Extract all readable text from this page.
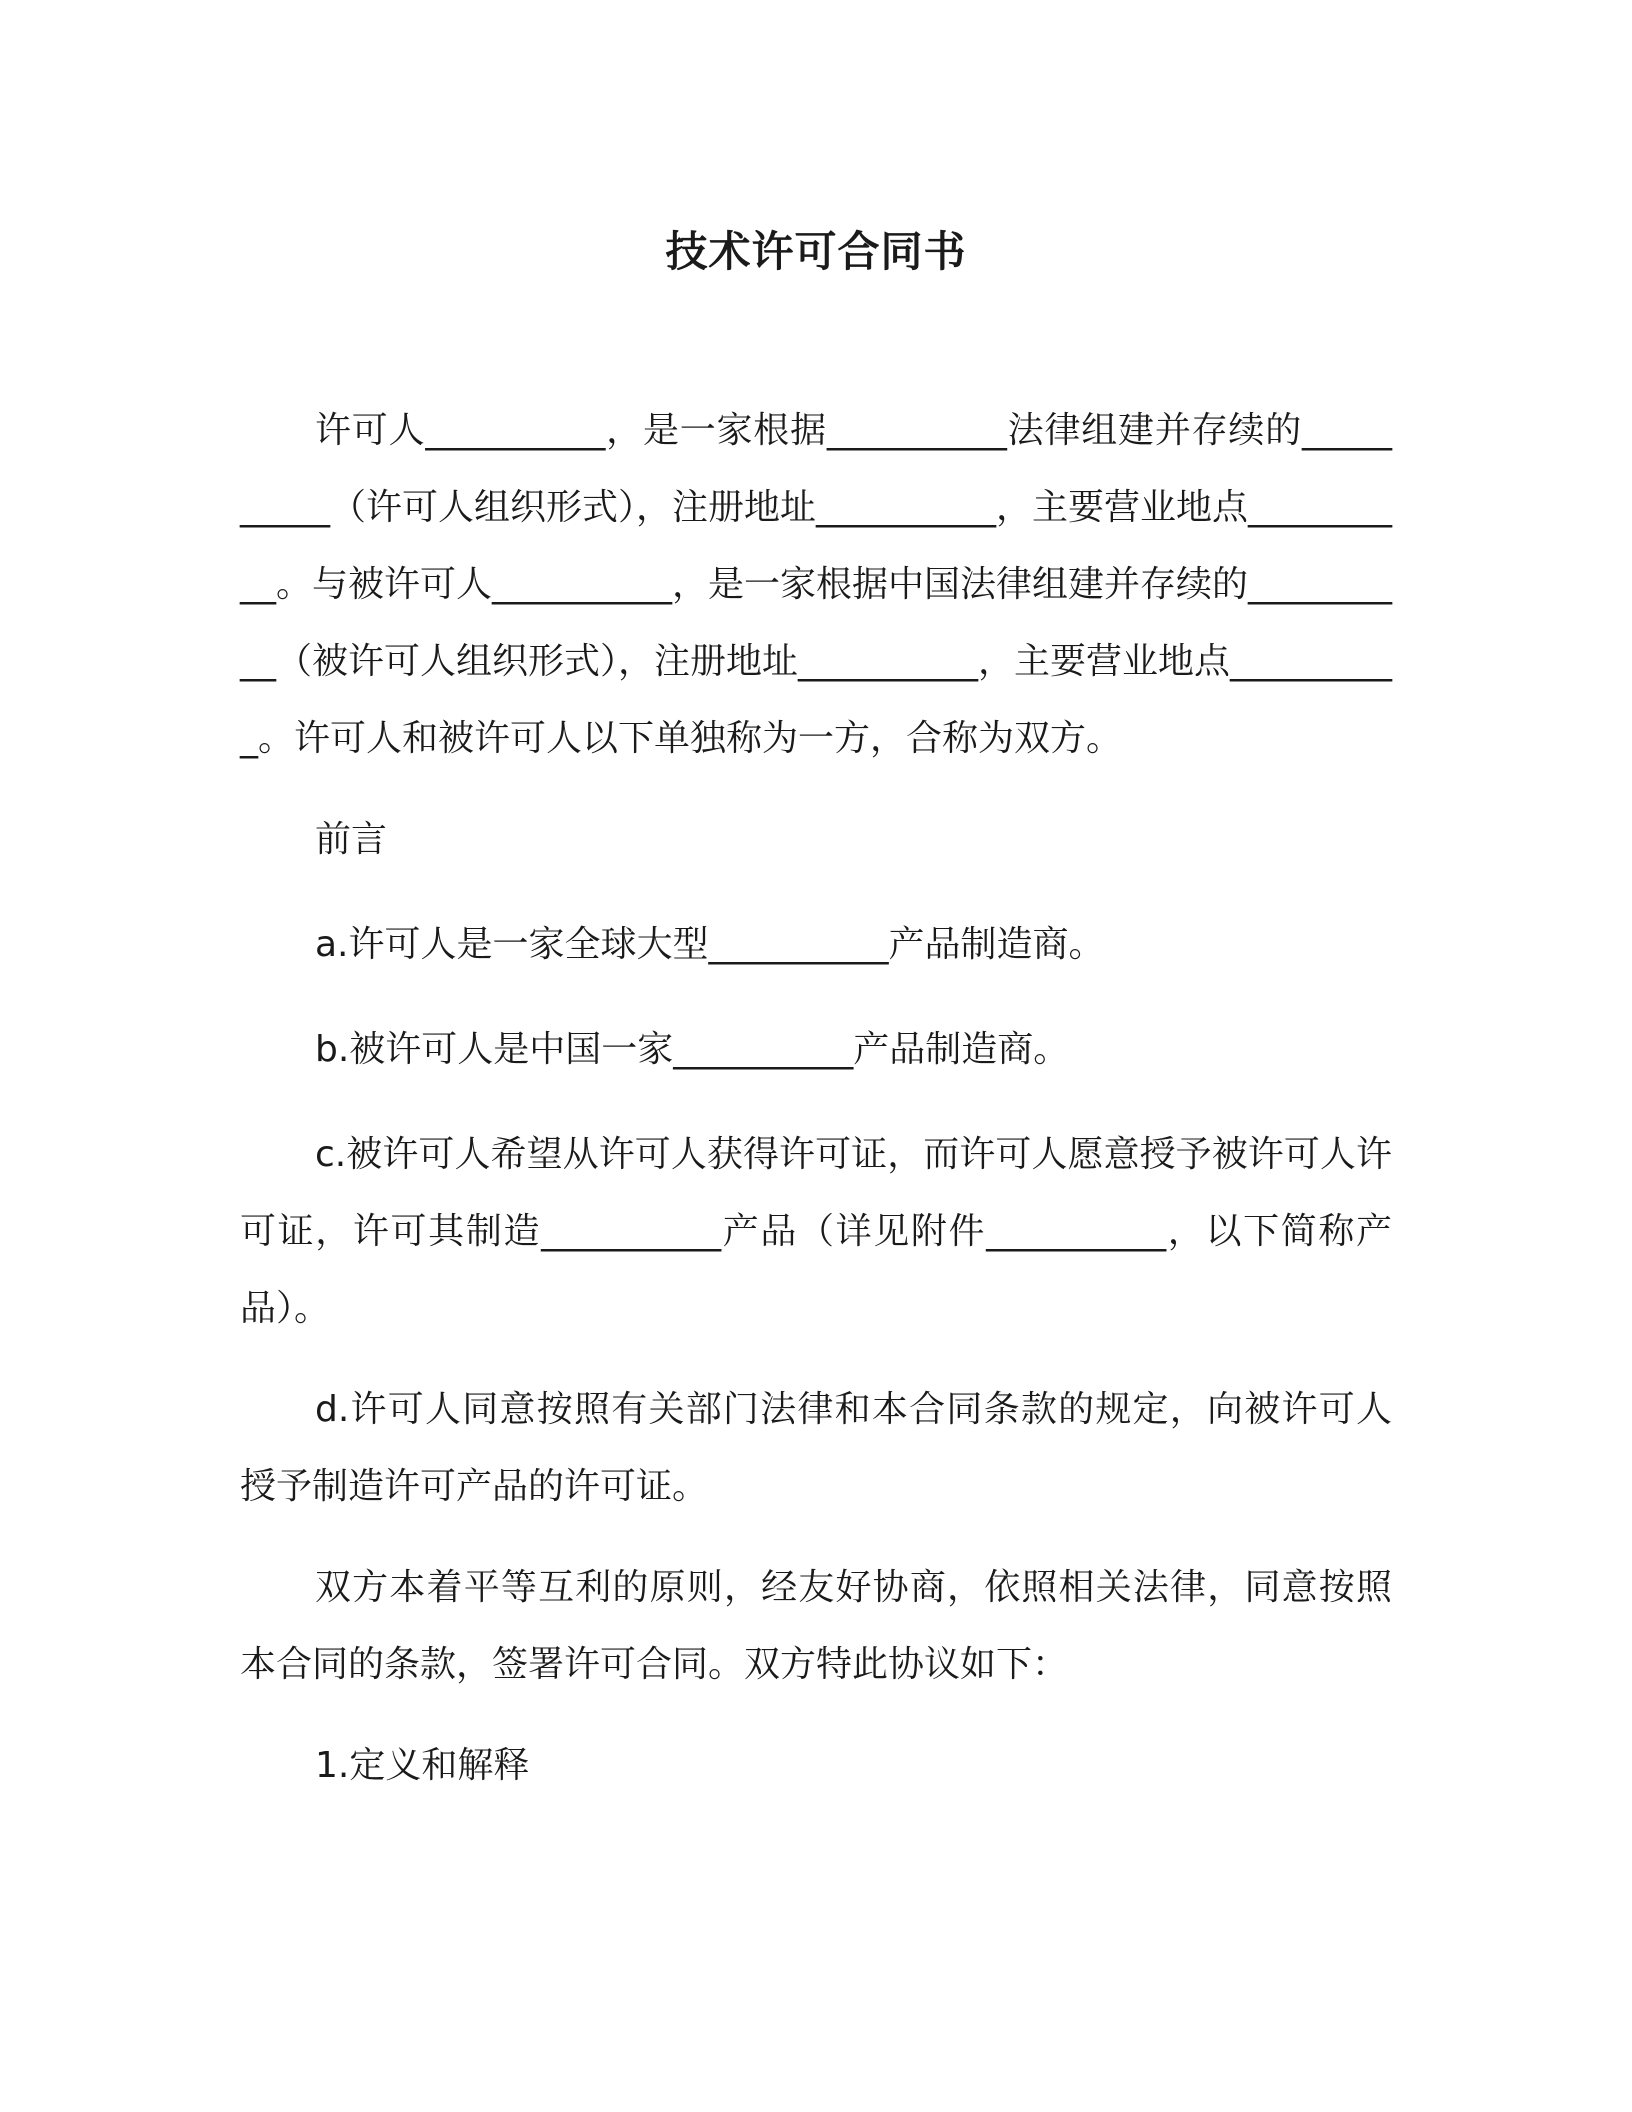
技术许可合同书

许可人__________，是一家根据__________法律组建并存续的__________（许可人组织形式），注册地址__________，主要营业地点__________。与被许可人__________，是一家根据中国法律组建并存续的__________（被许可人组织形式），注册地址__________，主要营业地点__________。许可人和被许可人以下单独称为一方，合称为双方。

前言

a.许可人是一家全球大型__________产品制造商。

b.被许可人是中国一家__________产品制造商。

c.被许可人希望从许可人获得许可证，而许可人愿意授予被许可人许可证，许可其制造__________产品（详见附件__________，以下简称产品）。

d.许可人同意按照有关部门法律和本合同条款的规定，向被许可人授予制造许可产品的许可证。

双方本着平等互利的原则，经友好协商，依照相关法律，同意按照本合同的条款，签署许可合同。双方特此协议如下：

1.定义和解释
